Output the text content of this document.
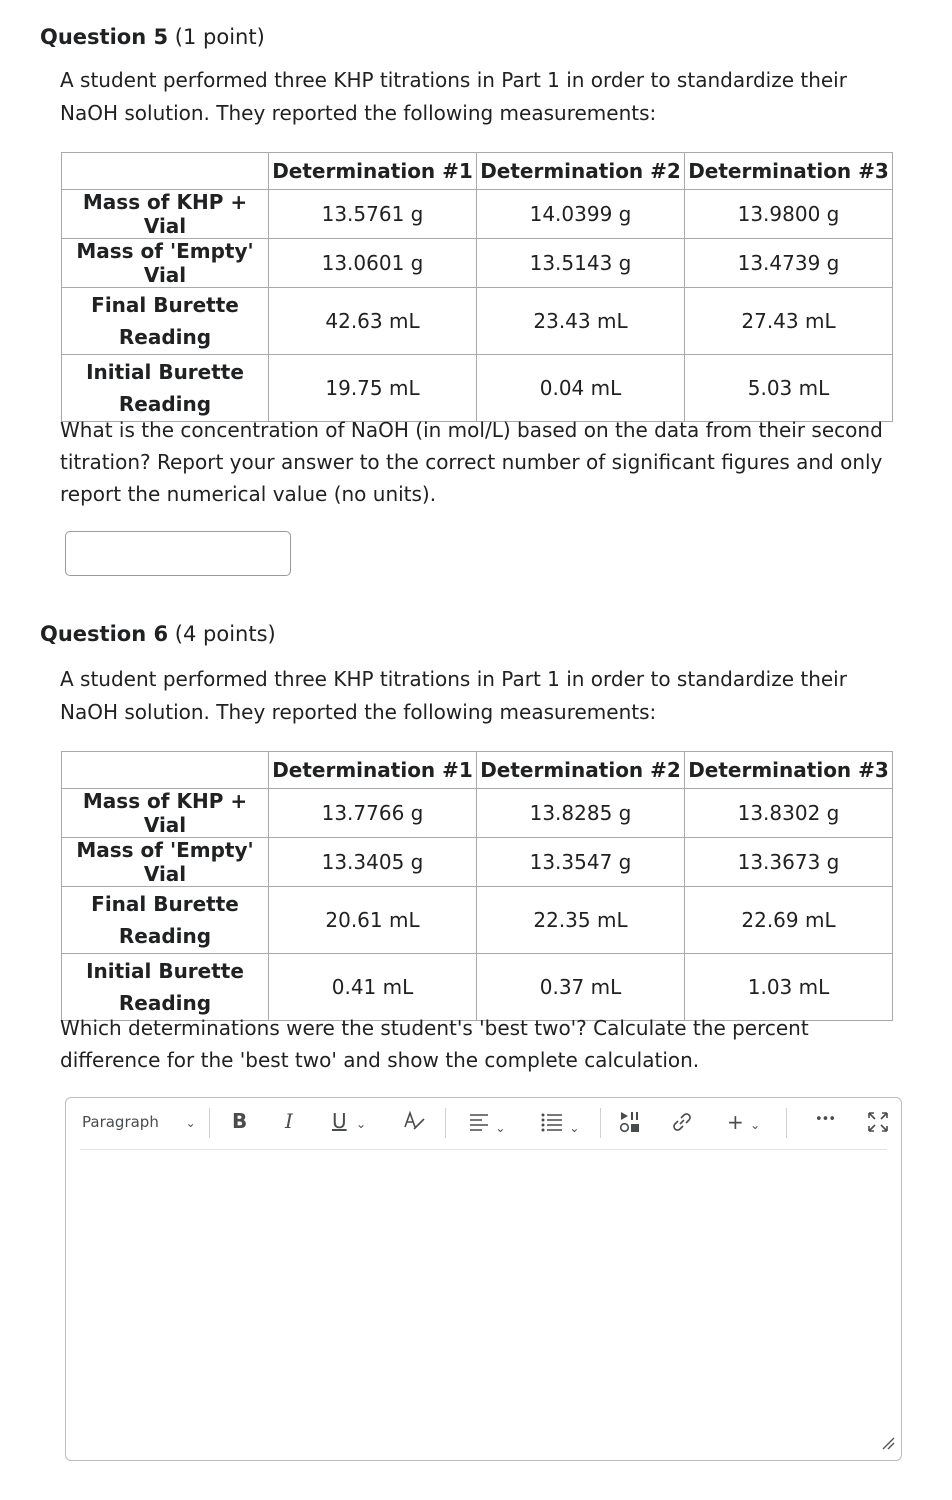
Question 5 (1 point)
A student performed three KHP titrations in Part 1 in order to standardize their
NaOH solution. They reported the following measurements:
	Determination #1	Determination #2	Determination #3
Mass of KHP + Vial	13.5761 g	14.0399 g	13.9800 g
Mass of 'Empty' Vial	13.0601 g	13.5143 g	13.4739 g

Final Burette
Reading	42.63 mL	23.43 mL	27.43 mL

Initial Burette
Reading	19.75 mL	0.04 mL	5.03 mL
What is the concentration of NaOH (in mol/L) based on the data from their second
titration? Report your answer to the correct number of significant figures and only
report the numerical value (no units).
Question 6 (4 points)
A student performed three KHP titrations in Part 1 in order to standardize their
NaOH solution. They reported the following measurements:
	Determination #1	Determination #2	Determination #3
Mass of KHP + Vial	13.7766 g	13.8285 g	13.8302 g
Mass of 'Empty' Vial	13.3405 g	13.3547 g	13.3673 g

Final Burette
Reading	20.61 mL	22.35 mL	22.69 mL

Initial Burette
Reading	0.41 mL	0.37 mL	1.03 mL
Which determinations were the student's 'best two'? Calculate the percent
difference for the 'best two' and show the complete calculation.
Paragraph ⌄ B I U ⌄	⌄	⌄	+ ⌄	•••
